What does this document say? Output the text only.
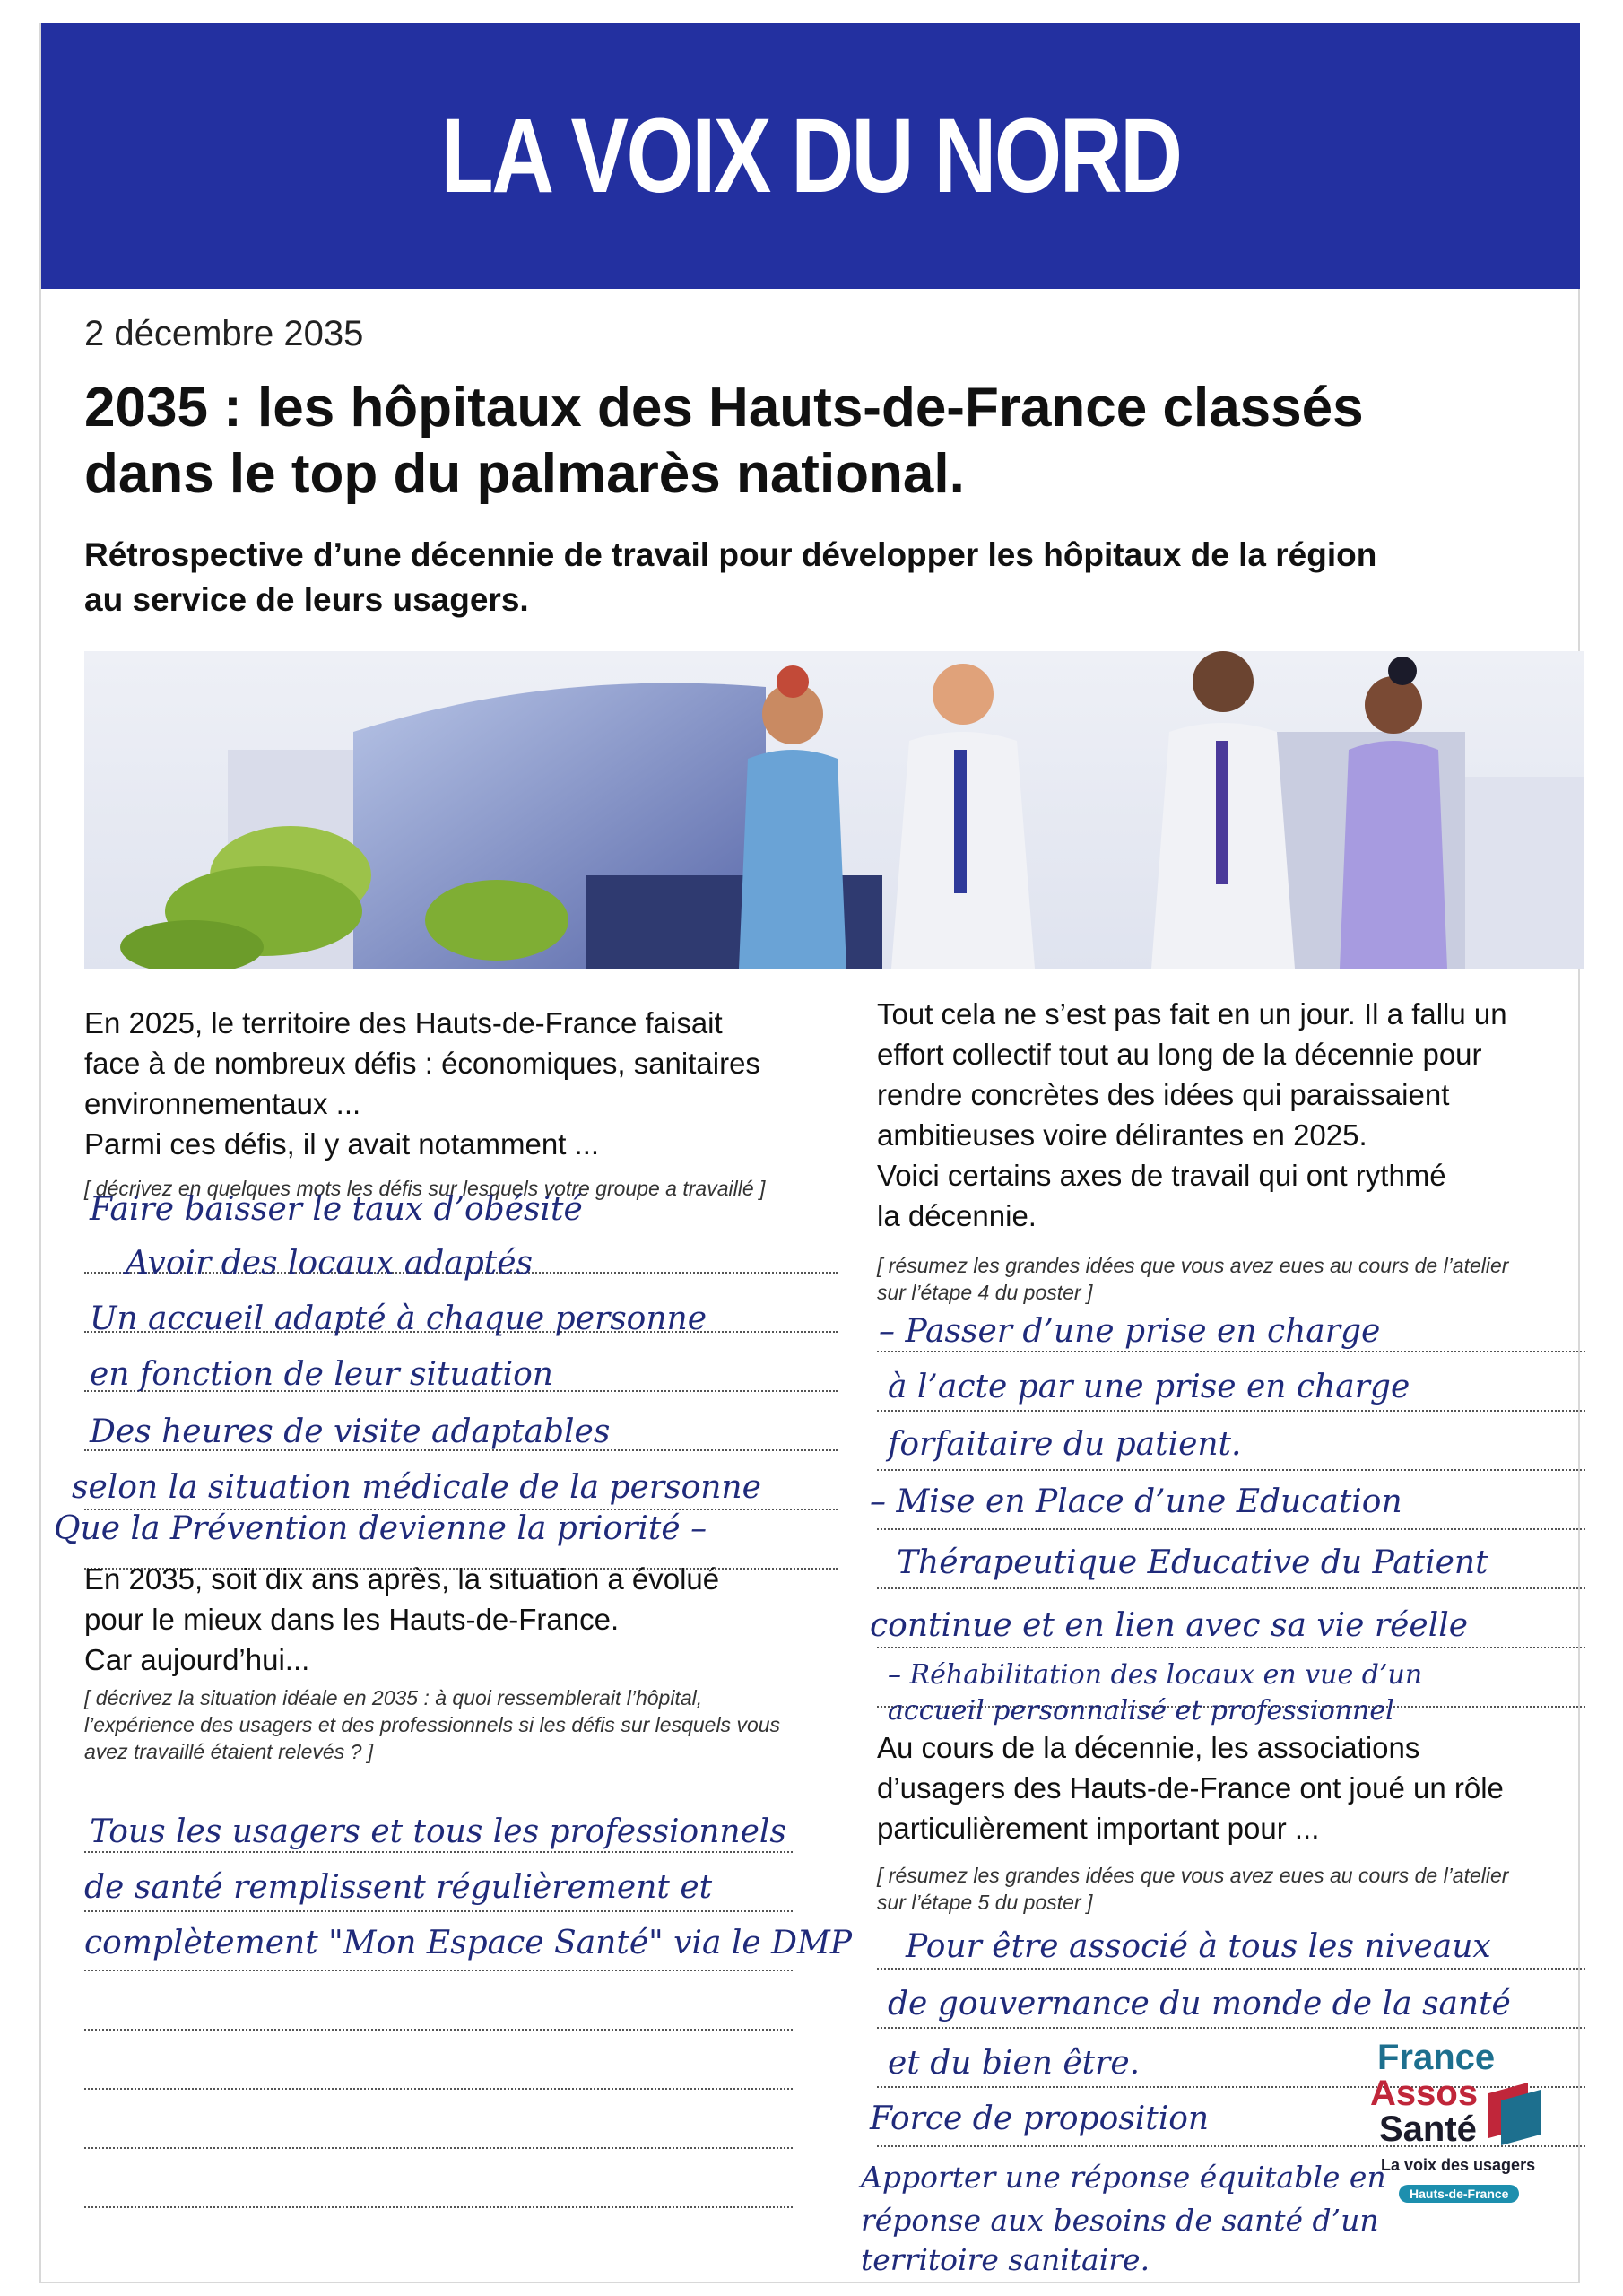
LA VOIX DU NORD
2 décembre 2035
2035 : les hôpitaux des Hauts-de-France classés
dans le top du palmarès national.
Rétrospective d’une décennie de travail pour développer les hôpitaux de la région
au service de leurs usagers.
En 2025, le territoire des Hauts-de-France faisait
face à de nombreux défis : économiques, sanitaires
environnementaux ...
Parmi ces défis, il y avait notamment ...
[ décrivez en quelques mots les défis sur lesquels votre groupe a travaillé ]
Faire baisser le taux d’obésité
Avoir des locaux adaptés
Un accueil adapté à chaque personne
en fonction de leur situation
Des heures de visite adaptables
selon la situation médicale de la personne
Que la Prévention devienne la priorité –
En 2035, soit dix ans après, la situation a évolué
pour le mieux dans les Hauts-de-France.
Car aujourd’hui...
[ décrivez la situation idéale en 2035 : à quoi ressemblerait l’hôpital,
l’expérience des usagers et des professionnels si les défis sur lesquels vous
avez travaillé étaient relevés ? ]
Tous les usagers et tous les professionnels
de santé remplissent régulièrement et
complètement "Mon Espace Santé" via le DMP
Tout cela ne s’est pas fait en un jour. Il a fallu un
effort collectif tout au long de la décennie pour
rendre concrètes des idées qui paraissaient
ambitieuses voire délirantes en 2025.
Voici certains axes de travail qui ont rythmé
la décennie.
[ résumez les grandes idées que vous avez eues au cours de l’atelier
sur l’étape 4 du poster ]
– Passer d’une prise en charge
à l’acte par une prise en charge
forfaitaire du patient.
– Mise en Place d’une Education
Thérapeutique Educative du Patient
continue et en lien avec sa vie réelle
– Réhabilitation des locaux en vue d’un
accueil personnalisé et professionnel
Au cours de la décennie, les associations
d’usagers des Hauts-de-France ont joué un rôle
particulièrement important pour ...
[ résumez les grandes idées que vous avez eues au cours de l’atelier
sur l’étape 5 du poster ]
Pour être associé à tous les niveaux
de gouvernance du monde de la santé
et du bien être.
Force de proposition
Apporter une réponse équitable en
réponse aux besoins de santé d’un
territoire sanitaire.
France
Assos
Santé
La voix des usagers
Hauts-de-France
